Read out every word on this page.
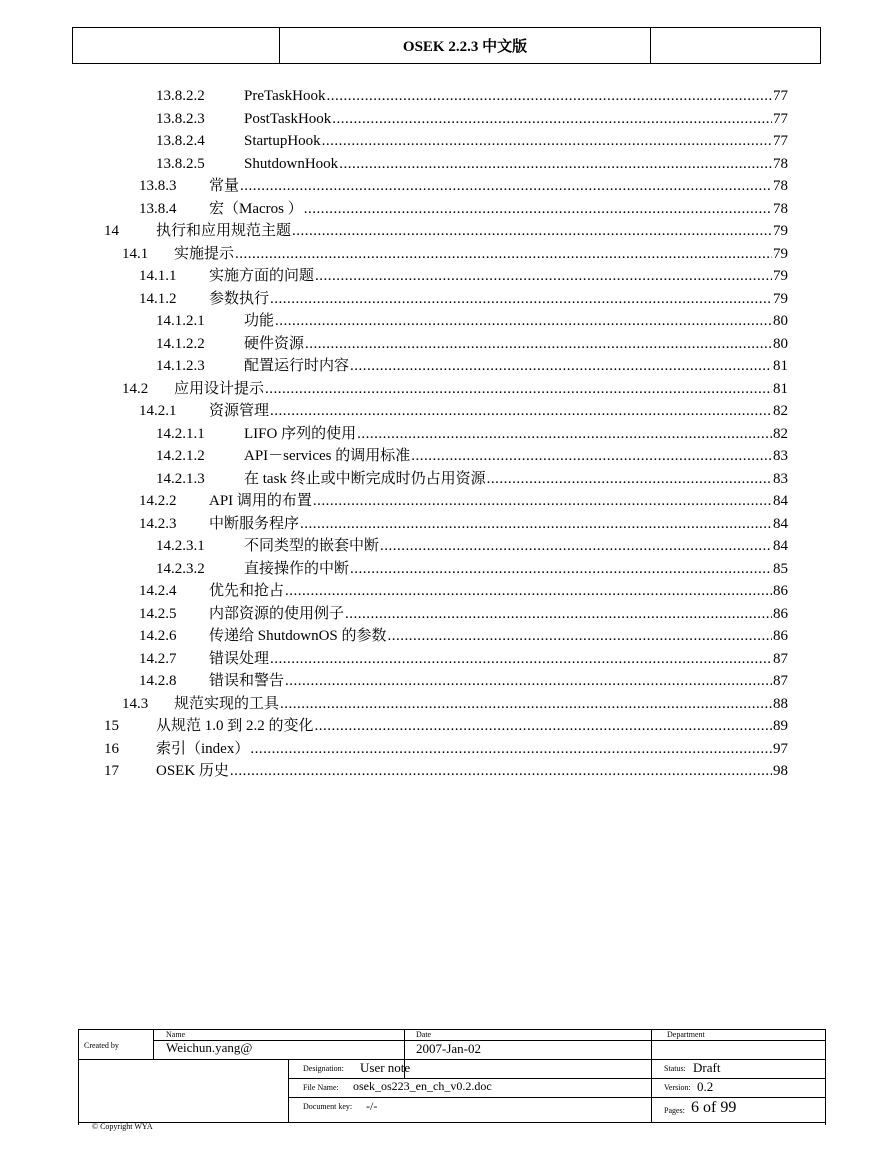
OSEK 2.2.3 中文版
13.8.2.2	PreTaskHook .....	77
13.8.2.3	PostTaskHook .....	77
13.8.2.4	StartupHook .....	77
13.8.2.5	ShutdownHook .....	78
13.8.3	常量 .....	78
13.8.4	宏（Macros ） .....	78
14	执行和应用规范主题 .....	79
14.1	实施提示 .....	79
14.1.1	实施方面的问题 .....	79
14.1.2	参数执行 .....	79
14.1.2.1	功能 .....	80
14.1.2.2	硬件资源 .....	80
14.1.2.3	配置运行时内容 .....	81
14.2	应用设计提示 .....	81
14.2.1	资源管理 .....	82
14.2.1.1	LIFO 序列的使用 .....	82
14.2.1.2	API－services 的调用标准 .....	83
14.2.1.3	在 task 终止或中断完成时仍占用资源 .....	83
14.2.2	API 调用的布置 .....	84
14.2.3	中断服务程序 .....	84
14.2.3.1	不同类型的嵌套中断 .....	84
14.2.3.2	直接操作的中断 .....	85
14.2.4	优先和抢占 .....	86
14.2.5	内部资源的使用例子 .....	86
14.2.6	传递给 ShutdownOS 的参数 .....	86
14.2.7	错误处理 .....	87
14.2.8	错误和警告 .....	87
14.3	规范实现的工具 .....	88
15	从规范 1.0 到 2.2 的变化 .....	89
16	索引（index） .....	97
17	OSEK 历史 .....	98
Name	Date	Department
Created by	Weichun.yang@	2007-Jan-02
Designation: User note	Status: Draft
File Name: osek_os223_en_ch_v0.2.doc	Version: 0.2
Document key: -/-	Pages: 6 of 99
© Copyright WYA
